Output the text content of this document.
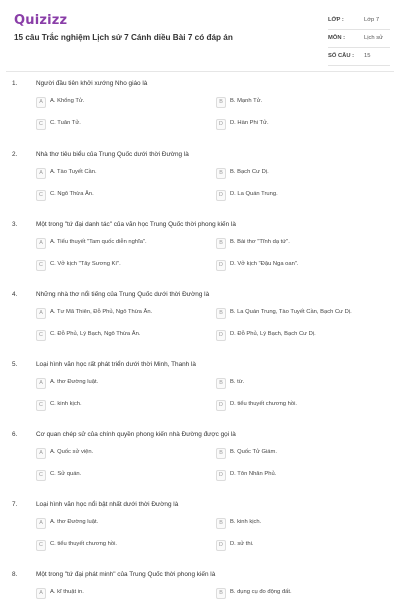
Quizizz
15 câu Trắc nghiệm Lịch sử 7 Cánh diều Bài 7 có đáp án
LỚP :	Lớp 7
MÔN :	Lịch sử
SỐ CÂU : 15
1.	Người đầu tiên khởi xướng Nho giáo là
A	A. Khổng Tử.	B	B. Mạnh Tử.
C	C. Tuân Tử.	D	D. Hàn Phi Tử.
2.	Nhà thơ tiêu biểu của Trung Quốc dưới thời Đường là
A	A. Tào Tuyết Cần.	B	B. Bạch Cư Dị.
C	C. Ngô Thừa Ân.	D	D. La Quán Trung.
3.	Một trong "tứ đại danh tác" của văn học Trung Quốc thời phong kiến là
A	A. Tiểu thuyết "Tam quốc diễn nghĩa".	B	B. Bài thơ "Tĩnh dạ tứ".
C	C. Vở kịch "Tây Sương Kí".	D	D. Vở kịch "Đậu Nga oan".
4.	Những nhà thơ nổi tiếng của Trung Quốc dưới thời Đường là
A	A. Tư Mã Thiên, Đỗ Phủ, Ngô Thừa Ân.	B	B. La Quán Trung, Tào Tuyết Cần, Bạch Cư Dị.
C	C. Đỗ Phủ, Lý Bạch, Ngô Thừa Ân.	D	D. Đỗ Phủ, Lý Bạch, Bạch Cư Dị.
5.	Loại hình văn học rất phát triển dưới thời Minh, Thanh là
A	A. thơ Đường luật.	B	B. từ.
C	C. kinh kịch.	D	D. tiểu thuyết chương hồi.
6.	Cơ quan chép sử của chính quyền phong kiến nhà Đường được gọi là
A	A. Quốc sử viện.	B	B. Quốc Tử Giám.
C	C. Sử quán.	D	D. Tôn Nhân Phủ.
7.	Loại hình văn học nổi bật nhất dưới thời Đường là
A	A. thơ Đường luật.	B	B. kinh kịch.
C	C. tiểu thuyết chương hồi.	D	D. sử thi.
8.	Một trong "tứ đại phát minh" của Trung Quốc thời phong kiến là
A	A. kĩ thuật in.	B	B. dụng cụ đo động đất.
